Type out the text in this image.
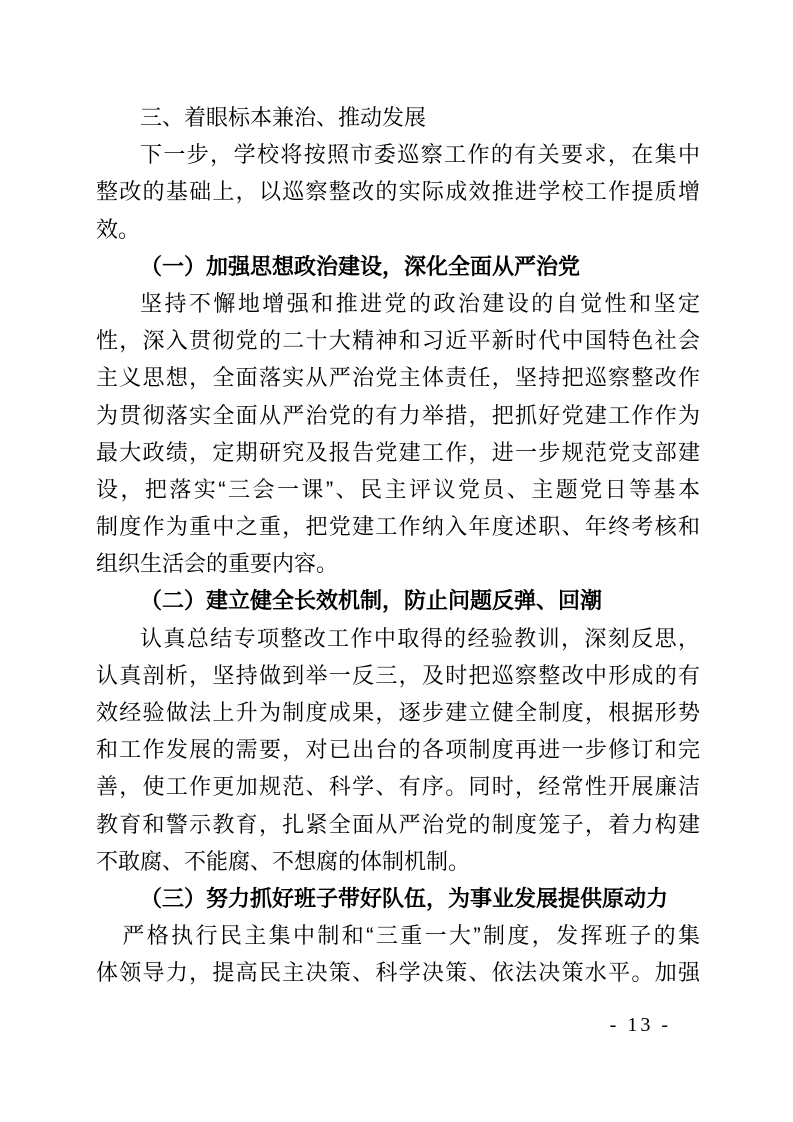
三、着眼标本兼治、推动发展
下一步，学校将按照市委巡察工作的有关要求，在集中
整改的基础上，以巡察整改的实际成效推进学校工作提质增
效。
（一）加强思想政治建设，深化全面从严治党
坚持不懈地增强和推进党的政治建设的自觉性和坚定
性，深入贯彻党的二十大精神和习近平新时代中国特色社会
主义思想，全面落实从严治党主体责任，坚持把巡察整改作
为贯彻落实全面从严治党的有力举措，把抓好党建工作作为
最大政绩，定期研究及报告党建工作，进一步规范党支部建
设，把落实“三会一课”、民主评议党员、主题党日等基本
制度作为重中之重，把党建工作纳入年度述职、年终考核和
组织生活会的重要内容。
（二）建立健全长效机制，防止问题反弹、回潮
认真总结专项整改工作中取得的经验教训，深刻反思，
认真剖析，坚持做到举一反三，及时把巡察整改中形成的有
效经验做法上升为制度成果，逐步建立健全制度，根据形势
和工作发展的需要，对已出台的各项制度再进一步修订和完
善，使工作更加规范、科学、有序。同时，经常性开展廉洁
教育和警示教育，扎紧全面从严治党的制度笼子，着力构建
不敢腐、不能腐、不想腐的体制机制。
（三）努力抓好班子带好队伍，为事业发展提供原动力
严格执行民主集中制和“三重一大”制度，发挥班子的集
体领导力，提高民主决策、科学决策、依法决策水平。加强
- 13 -
